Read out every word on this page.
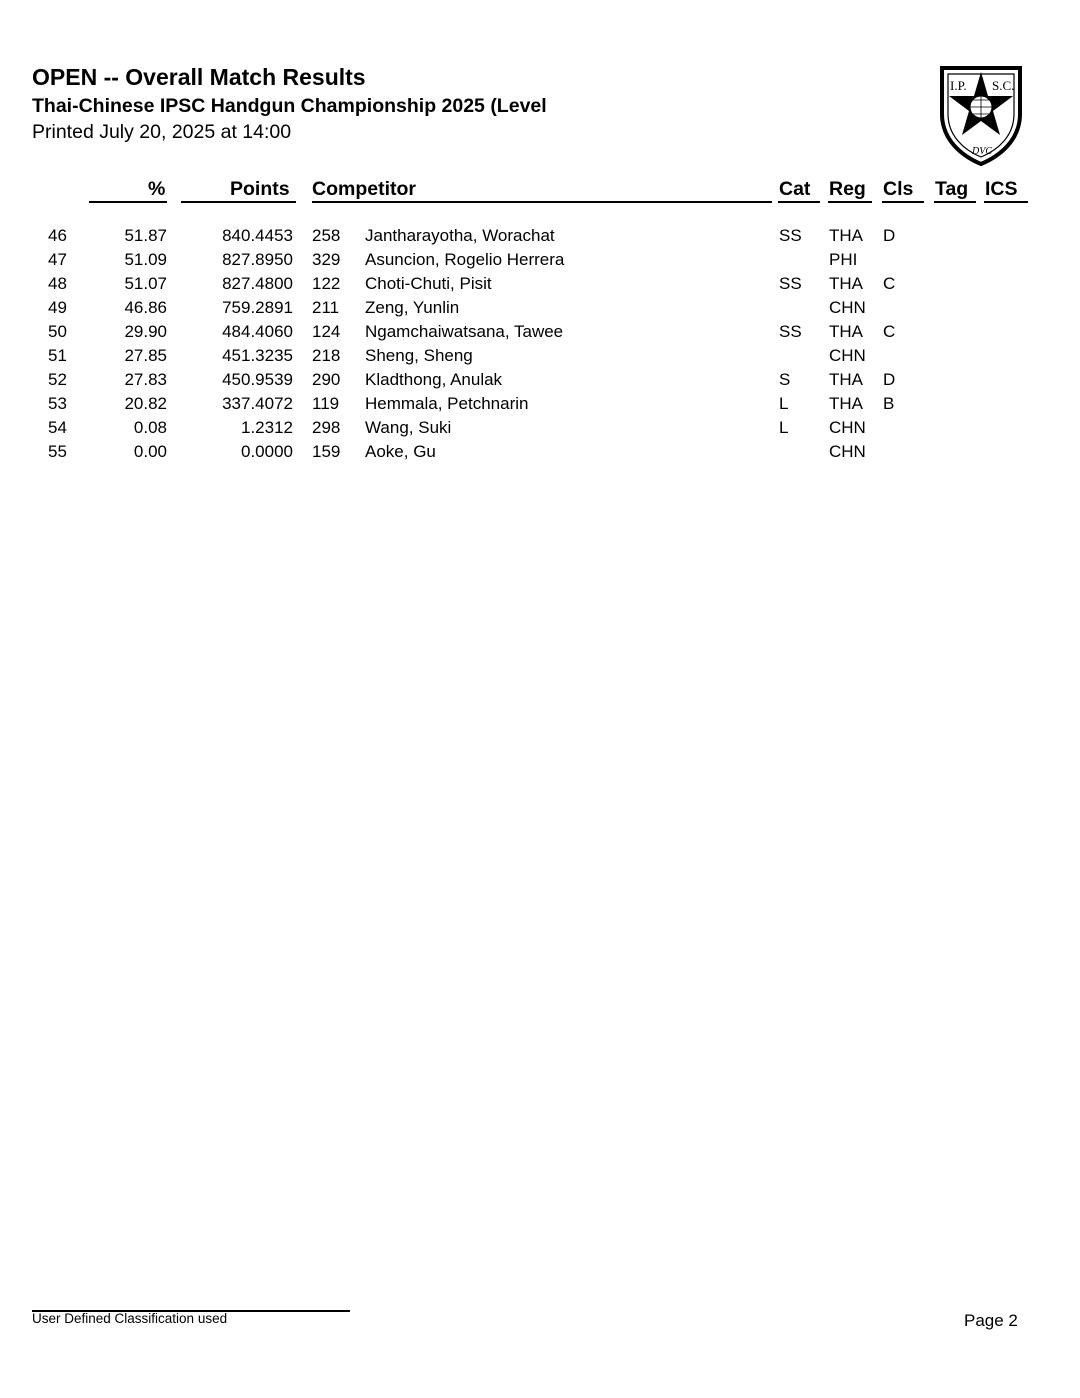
OPEN -- Overall Match Results
Thai-Chinese IPSC Handgun Championship 2025 (Level
Printed July 20, 2025 at 14:00
I.P. S.C.
DVC
%	Points Competitor	Cat Reg Cls Tag ICS
46	51.87	840.4453 258 Jantharayotha, Worachat	SS THA D
47	51.09	827.8950 329 Asuncion, Rogelio Herrera	PHI
48	51.07	827.4800 122 Choti-Chuti, Pisit	SS THA C
49	46.86	759.2891 211 Zeng, Yunlin	CHN
50	29.90	484.4060 124 Ngamchaiwatsana, Tawee	SS THA C
51	27.85	451.3235 218 Sheng, Sheng	CHN
52	27.83	450.9539 290 Kladthong, Anulak	S THA D
53	20.82	337.4072 119 Hemmala, Petchnarin	L THA B
54	0.08	1.2312 298 Wang, Suki	L CHN
55	0.00	0.0000 159 Aoke, Gu	CHN
User Defined Classification used	Page 2
